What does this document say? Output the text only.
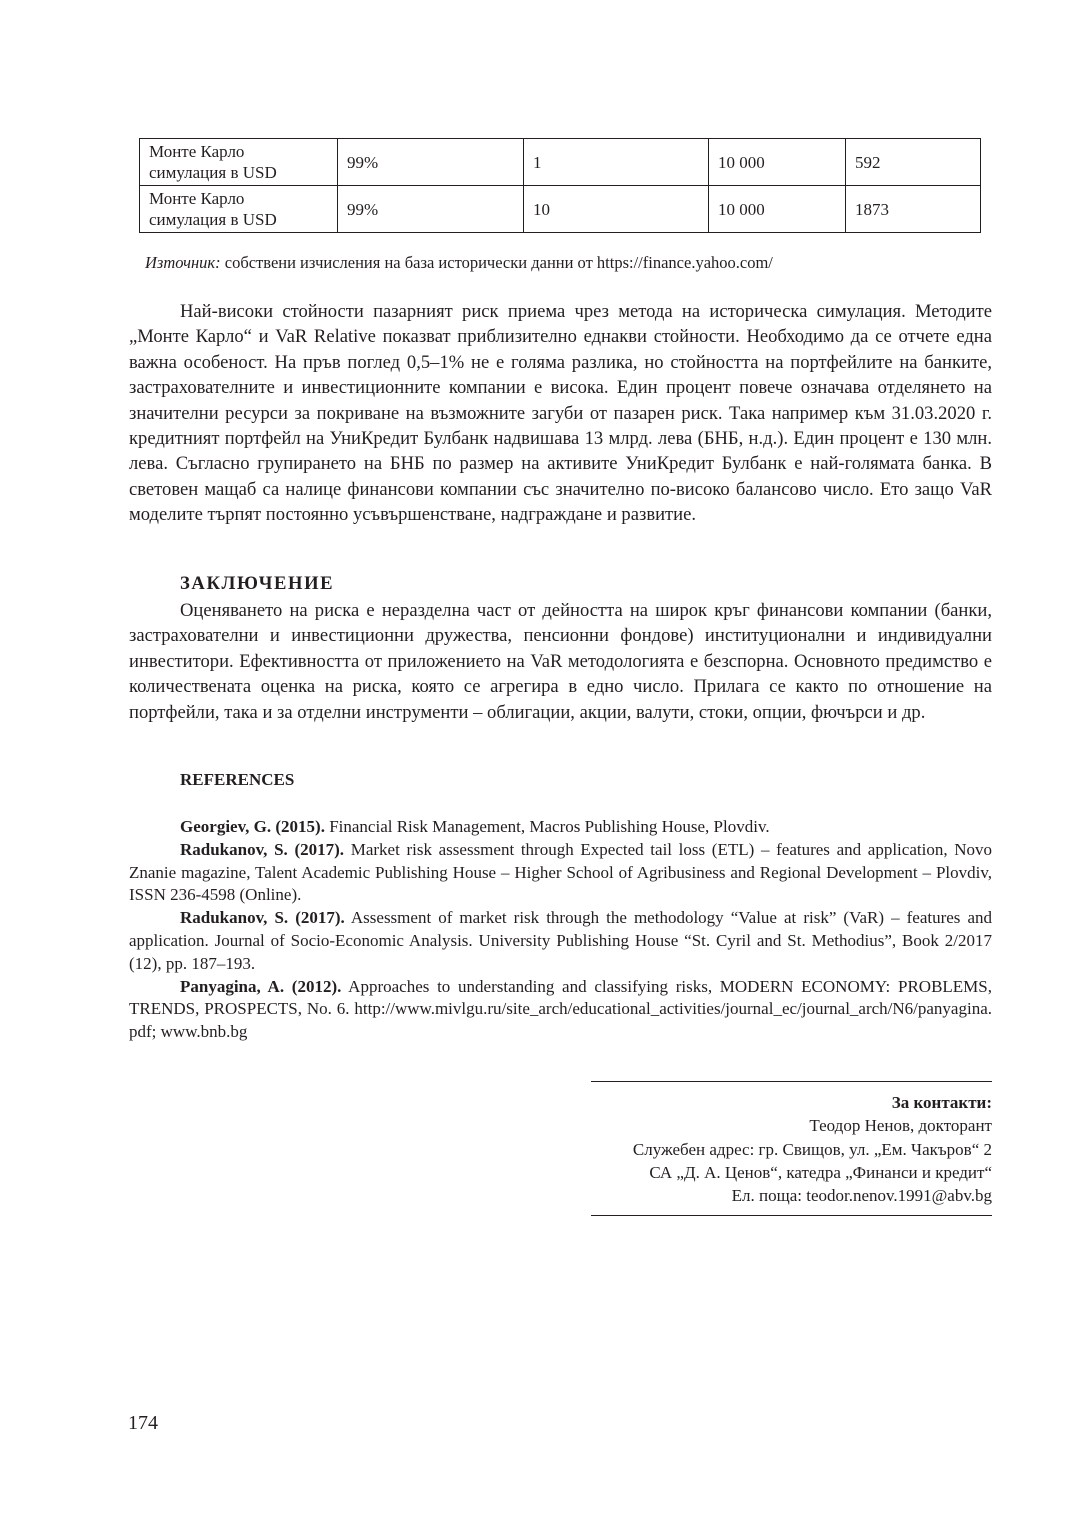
Монте Карло
симулация в USD	99%	1	10 000	592

Монте Карло
симулация в USD	99%	10	10 000	1873
Източник: собствени изчисления на база исторически данни от https://finance.yahoo.com/

Най-високи стойности пазарният риск приема чрез метода на историческа симулация. Методите „Монте Карло“ и VaR Relative показват приблизително еднакви стойности. Необходимо да се отчете една важна особеност. На пръв поглед 0,5–1% не е голяма разлика, но стойността на портфейлите на банките, застрахователните и инвестиционните компании е висока. Един процент повече означава отделянето на значителни ресурси за покриване на възможните загуби от пазарен риск. Така например към 31.03.2020 г. кредитният портфейл на УниКредит Булбанк надвишава 13 млрд. лева (БНБ, н.д.). Един процент е 130 млн. лева. Съгласно групирането на БНБ по размер на активите УниКредит Булбанк е най-голямата банка. В световен мащаб са налице финансови компании със значително по-високо балансово число. Ето защо VaR моделите търпят постоянно усъвършенстване, надграждане и развитие.

ЗАКЛЮЧЕНИЕ

Оценяването на риска е неразделна част от дейността на широк кръг финансови компании (банки, застрахователни и инвестиционни дружества, пенсионни фондове) институционални и индивидуални инвеститори. Ефективността от приложението на VaR методологията е безспорна. Основното предимство е количествената оценка на риска, която се агрегира в едно число. Прилага се както по отношение на портфейли, така и за отделни инструменти – облигации, акции, валути, стоки, опции, фючърси и др.

REFERENCES

Georgiev, G. (2015). Financial Risk Management, Macros Publishing House, Plovdiv.

Radukanov, S. (2017). Market risk assessment through Expected tail loss (ETL) – features and application, Novo Znanie magazine, Talent Academic Publishing House – Higher School of Agribusiness and Regional Development – Plovdiv, ISSN 236-4598 (Online).

Radukanov, S. (2017). Assessment of market risk through the methodology “Value at risk” (VaR) – features and application. Journal of Socio-Economic Analysis. University Publishing House “St. Cyril and St. Methodius”, Book 2/2017 (12), pp. 187–193.

Panyagina, A. (2012). Approaches to understanding and classifying risks, MODERN ECONOMY: PROBLEMS, TRENDS, PROSPECTS, No. 6. http://www.mivlgu.ru/site_arch/educational_activities/journal_ec/journal_arch/N6/panyagina. pdf; www.bnb.bg

За контакти:
Теодор Ненов, докторант
Служебен адрес: гр. Свищов, ул. „Ем. Чакъров“ 2
СА „Д. А. Ценов“, катедра „Финанси и кредит“
Ел. поща: teodor.nenov.1991@abv.bg
174
